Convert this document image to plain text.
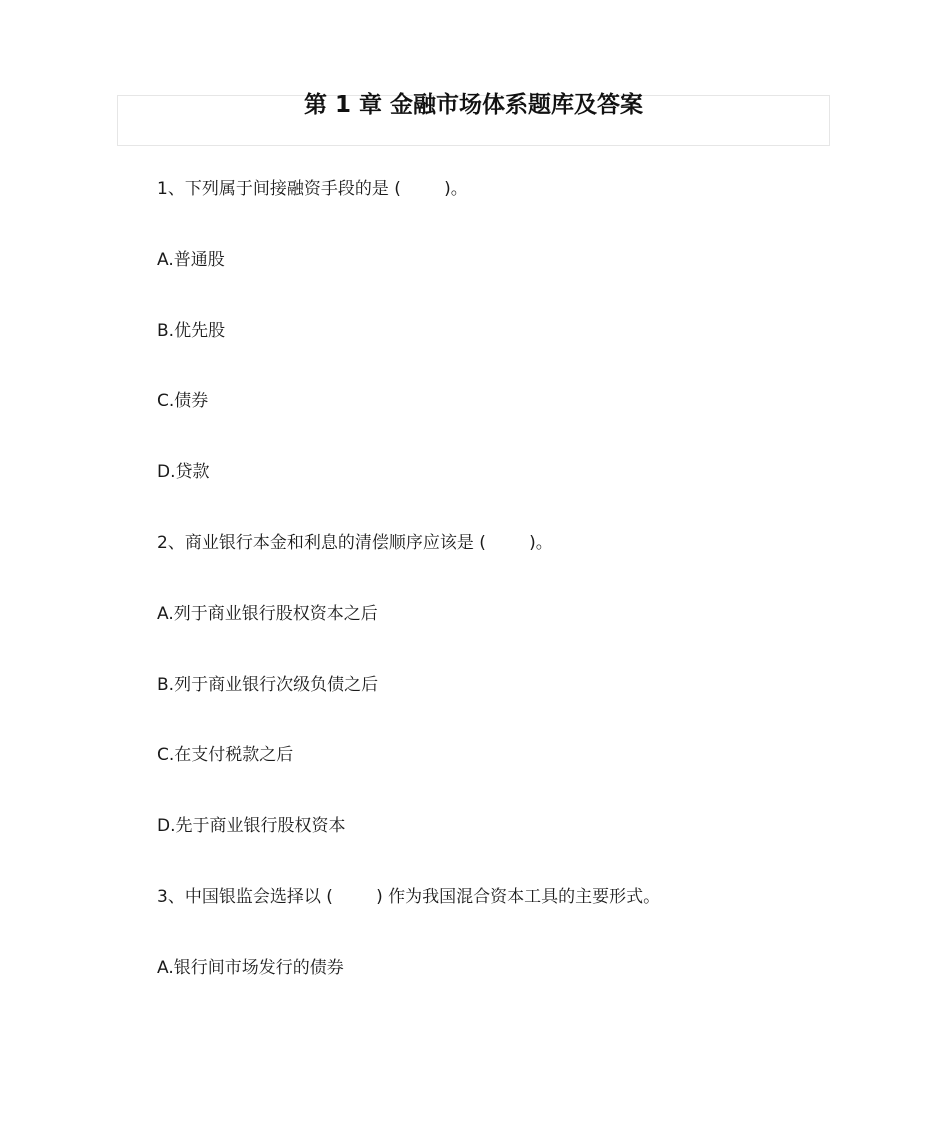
第 1 章 金融市场体系题库及答案
1、下列属于间接融资手段的是 (        )。
A.普通股
B.优先股
C.债券
D.贷款
2、商业银行本金和利息的清偿顺序应该是 (        )。
A.列于商业银行股权资本之后
B.列于商业银行次级负债之后
C.在支付税款之后
D.先于商业银行股权资本
3、中国银监会选择以 (        ) 作为我国混合资本工具的主要形式。
A.银行间市场发行的债券
